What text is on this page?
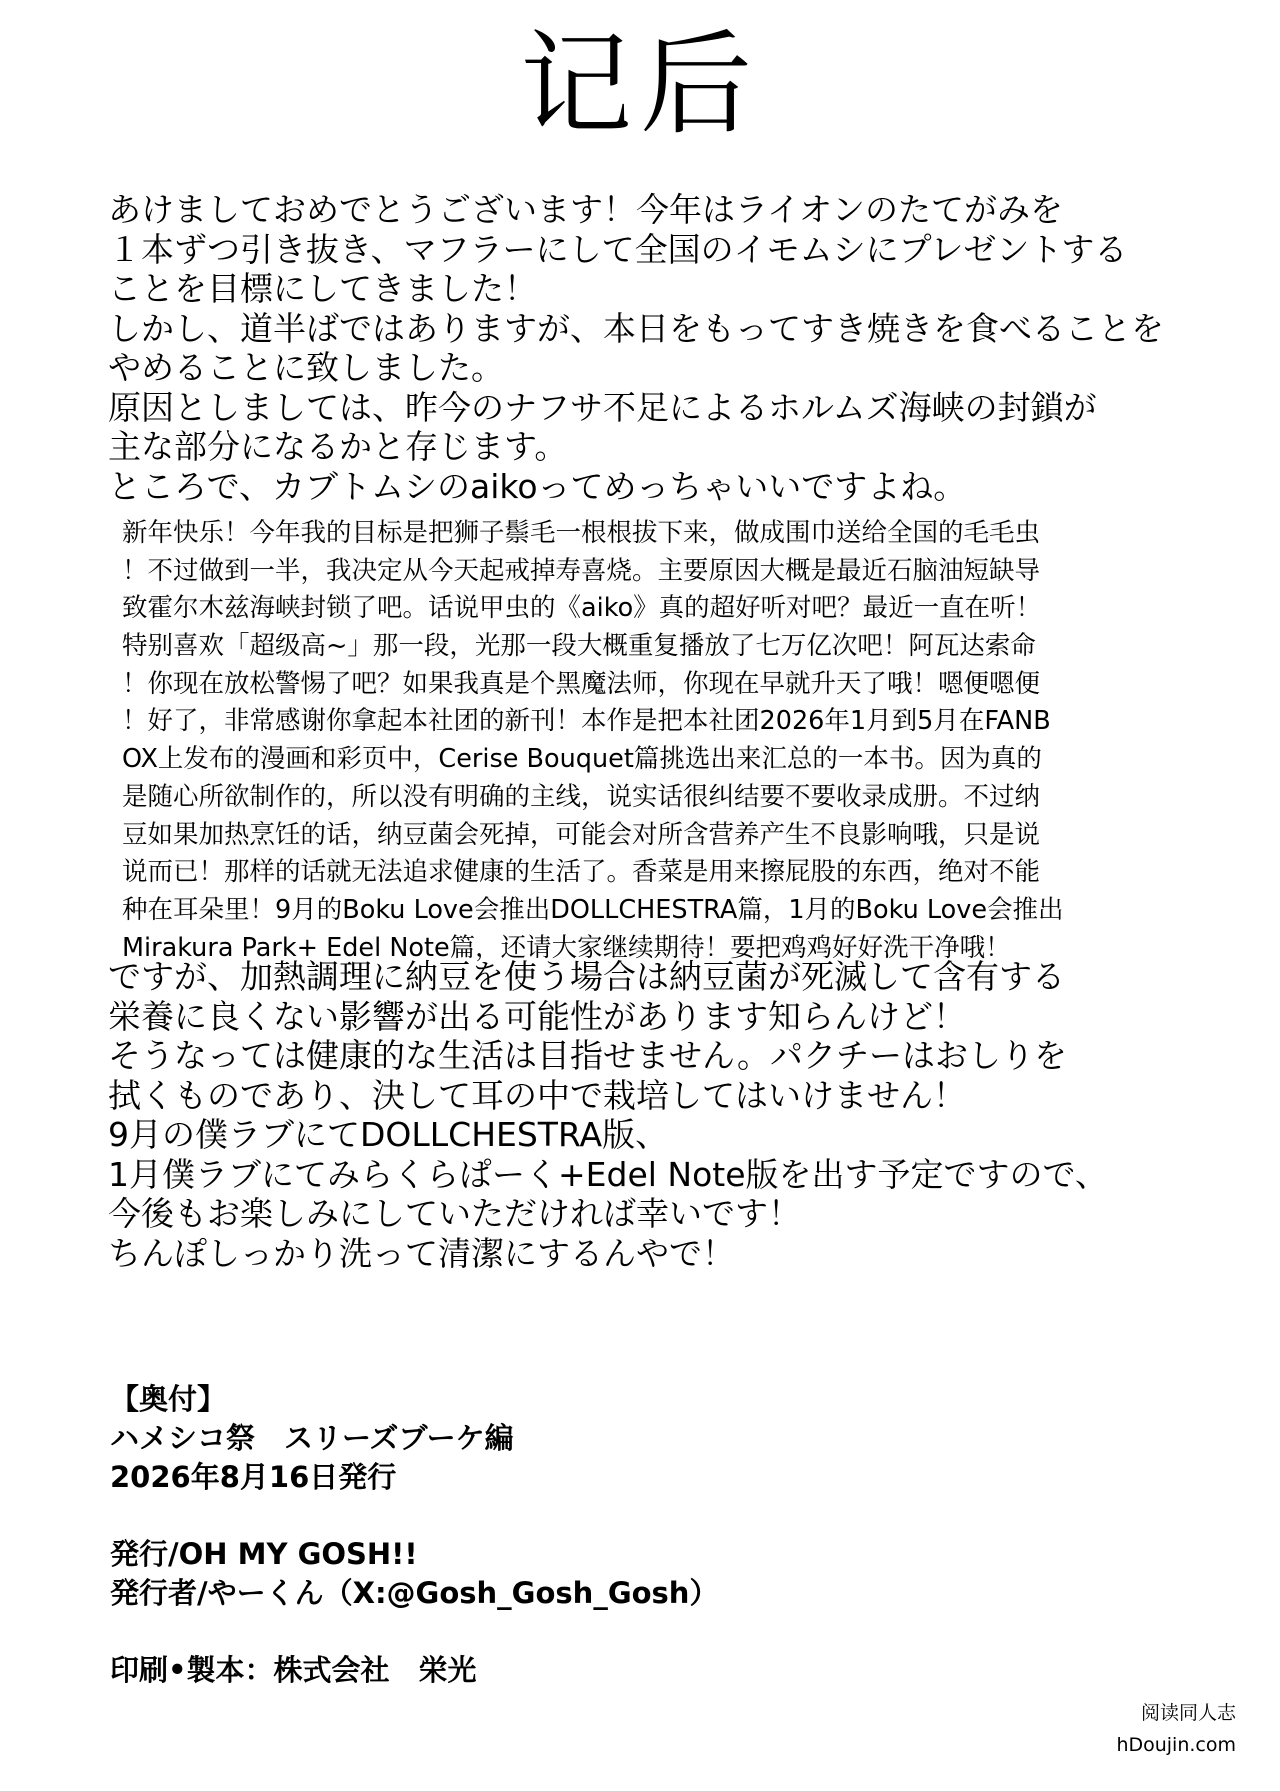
记后
あけましておめでとうございます！今年はライオンのたてがみを
１本ずつ引き抜き、マフラーにして全国のイモムシにプレゼントする
ことを目標にしてきました！
しかし、道半ばではありますが、本日をもってすき焼きを食べることを
やめることに致しました。
原因としましては、昨今のナフサ不足によるホルムズ海峡の封鎖が
主な部分になるかと存じます。
ところで、カブトムシのaikoってめっちゃいいですよね。
新年快乐！今年我的目标是把狮子鬃毛一根根拔下来，做成围巾送给全国的毛毛虫
！不过做到一半，我决定从今天起戒掉寿喜烧。主要原因大概是最近石脑油短缺导
致霍尔木兹海峡封锁了吧。话说甲虫的《aiko》真的超好听对吧？最近一直在听！
特别喜欢「超级高~」那一段，光那一段大概重复播放了七万亿次吧！阿瓦达索命
！你现在放松警惕了吧？如果我真是个黑魔法师，你现在早就升天了哦！嗯便嗯便
！好了，非常感谢你拿起本社团的新刊！本作是把本社团2026年1月到5月在FANB
OX上发布的漫画和彩页中，Cerise Bouquet篇挑选出来汇总的一本书。因为真的
是随心所欲制作的，所以没有明确的主线，说实话很纠结要不要收录成册。不过纳
豆如果加热烹饪的话，纳豆菌会死掉，可能会对所含营养产生不良影响哦，只是说
说而已！那样的话就无法追求健康的生活了。香菜是用来擦屁股的东西，绝对不能
种在耳朵里！9月的Boku Love会推出DOLLCHESTRA篇，1月的Boku Love会推出
Mirakura Park+ Edel Note篇，还请大家继续期待！要把鸡鸡好好洗干净哦！
ですが、加熱調理に納豆を使う場合は納豆菌が死滅して含有する
栄養に良くない影響が出る可能性があります知らんけど！
そうなっては健康的な生活は目指せません。パクチーはおしりを
拭くものであり、決して耳の中で栽培してはいけません！
9月の僕ラブにてDOLLCHESTRA版、
1月僕ラブにてみらくらぱーく+Edel Note版を出す予定ですので、
今後もお楽しみにしていただければ幸いです！
ちんぽしっかり洗って清潔にするんやで！
【奥付】
ハメシコ祭　スリーズブーケ編
2026年8月16日発行
発行/OH MY GOSH!!
発行者/やーくん（X:@Gosh_Gosh_Gosh）
印刷•製本：株式会社　栄光
阅读同人志
hDoujin.com
